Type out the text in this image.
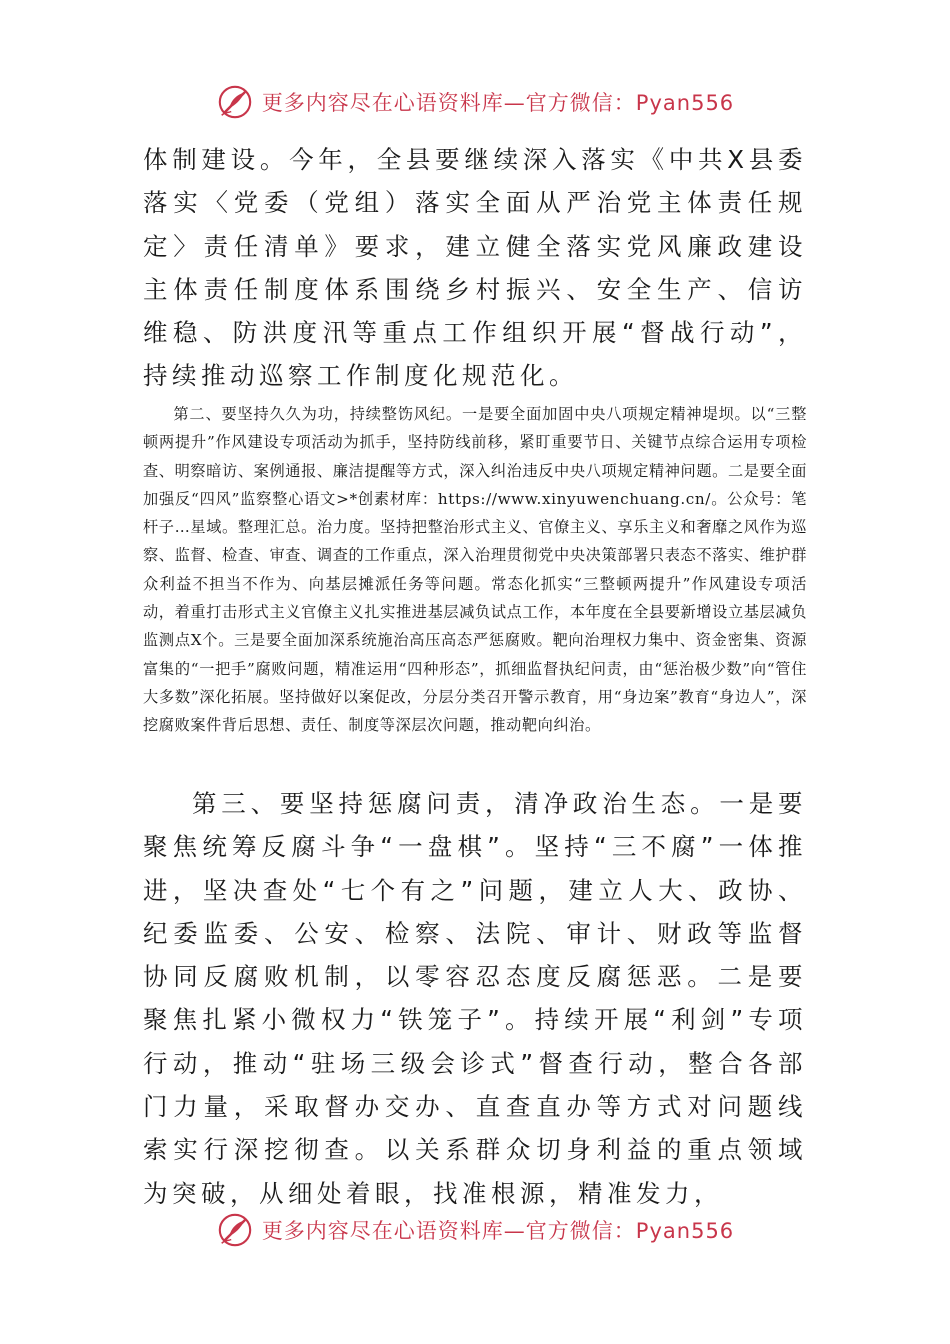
更多内容尽在心语资料库—官方微信：Pyan556

体制建设。今年，全县要继续深入落实《中共X县委落实〈党委（党组）落实全面从严治党主体责任规定〉责任清单》要求，建立健全落实党风廉政建设主体责任制度体系围绕乡村振兴、安全生产、信访维稳、防洪度汛等重点工作组织开展“督战行动”，持续推动巡察工作制度化规范化。

第二、要坚持久久为功，持续整饬风纪。一是要全面加固中央八项规定精神堤坝。以“三整顿两提升”作风建设专项活动为抓手，坚持防线前移，紧盯重要节日、关键节点综合运用专项检查、明察暗访、案例通报、廉洁提醒等方式，深入纠治违反中央八项规定精神问题。二是要全面加强反“四风”监察整心语文>*创素材库：https://www.xinyuwenchuang.cn/。公众号：笔杆子…星域。整理汇总。治力度。坚持把整治形式主义、官僚主义、享乐主义和奢靡之风作为巡察、监督、检查、审查、调查的工作重点，深入治理贯彻党中央决策部署只表态不落实、维护群众利益不担当不作为、向基层摊派任务等问题。常态化抓实“三整顿两提升”作风建设专项活动，着重打击形式主义官僚主义扎实推进基层减负试点工作，本年度在全县要新增设立基层减负监测点X个。三是要全面加深系统施治高压高态严惩腐败。靶向治理权力集中、资金密集、资源富集的“一把手”腐败问题，精准运用“四种形态”，抓细监督执纪问责，由“惩治极少数”向“管住大多数”深化拓展。坚持做好以案促改，分层分类召开警示教育，用“身边案”教育“身边人”，深挖腐败案件背后思想、责任、制度等深层次问题，推动靶向纠治。

第三、要坚持惩腐问责，清净政治生态。一是要聚焦统筹反腐斗争“一盘棋”。坚持“三不腐”一体推进，坚决查处“七个有之”问题，建立人大、政协、纪委监委、公安、检察、法院、审计、财政等监督协同反腐败机制，以零容忍态度反腐惩恶。二是要聚焦扎紧小微权力“铁笼子”。持续开展“利剑”专项行动，推动“驻场三级会诊式”督查行动，整合各部门力量，采取督办交办、直查直办等方式对问题线索实行深挖彻查。以关系群众切身利益的重点领域为突破，从细处着眼，找准根源，精准发力，

更多内容尽在心语资料库—官方微信：Pyan556
